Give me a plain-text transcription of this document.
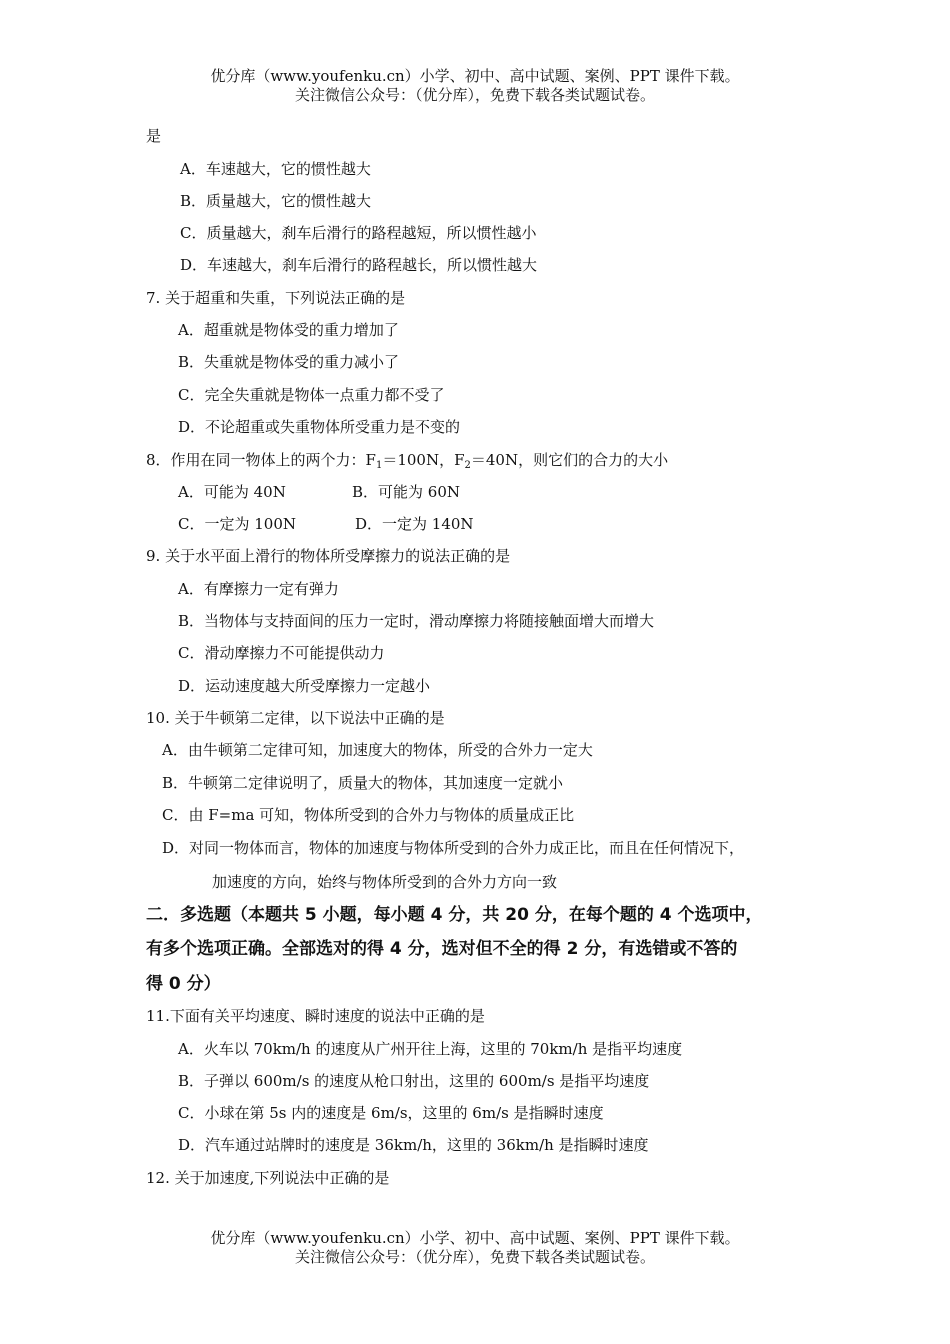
优分库（www.youfenku.cn）小学、初中、高中试题、案例、PPT 课件下载。
关注微信公众号：（优分库），免费下载各类试题试卷。
是
A．车速越大，它的惯性越大
B．质量越大，它的惯性越大
C．质量越大，刹车后滑行的路程越短，所以惯性越小
D．车速越大，刹车后滑行的路程越长，所以惯性越大
7. 关于超重和失重，下列说法正确的是
A．超重就是物体受的重力增加了
B．失重就是物体受的重力减小了
C．完全失重就是物体一点重力都不受了
D．不论超重或失重物体所受重力是不变的
8．作用在同一物体上的两个力：$F_1=100N$，$F_2=40N$，则它们的合力的大小
A．可能为 40N	B．可能为 60N
C．一定为 100N	D．一定为 140N
9. 关于水平面上滑行的物体所受摩擦力的说法正确的是
A．有摩擦力一定有弹力
B．当物体与支持面间的压力一定时，滑动摩擦力将随接触面增大而增大
C．滑动摩擦力不可能提供动力
D．运动速度越大所受摩擦力一定越小
10. 关于牛顿第二定律，以下说法中正确的是
A．由牛顿第二定律可知，加速度大的物体，所受的合外力一定大
B．牛顿第二定律说明了，质量大的物体，其加速度一定就小
C．由 F=ma 可知，物体所受到的合外力与物体的质量成正比
D．对同一物体而言，物体的加速度与物体所受到的合外力成正比，而且在任何情况下，
加速度的方向，始终与物体所受到的合外力方向一致
二．多选题（本题共 5 小题，每小题 4 分，共 20 分，在每个题的 4 个选项中，
有多个选项正确。全部选对的得 4 分，选对但不全的得 2 分，有选错或不答的
得 0 分）
11.下面有关平均速度、瞬时速度的说法中正确的是
A．火车以 70km/h 的速度从广州开往上海，这里的 70km/h 是指平均速度
B．子弹以 600m/s 的速度从枪口射出，这里的 600m/s 是指平均速度
C．小球在第 5s 内的速度是 6m/s，这里的 6m/s 是指瞬时速度
D．汽车通过站牌时的速度是 36km/h，这里的 36km/h 是指瞬时速度
12. 关于加速度,下列说法中正确的是
优分库（www.youfenku.cn）小学、初中、高中试题、案例、PPT 课件下载。
关注微信公众号：（优分库），免费下载各类试题试卷。
